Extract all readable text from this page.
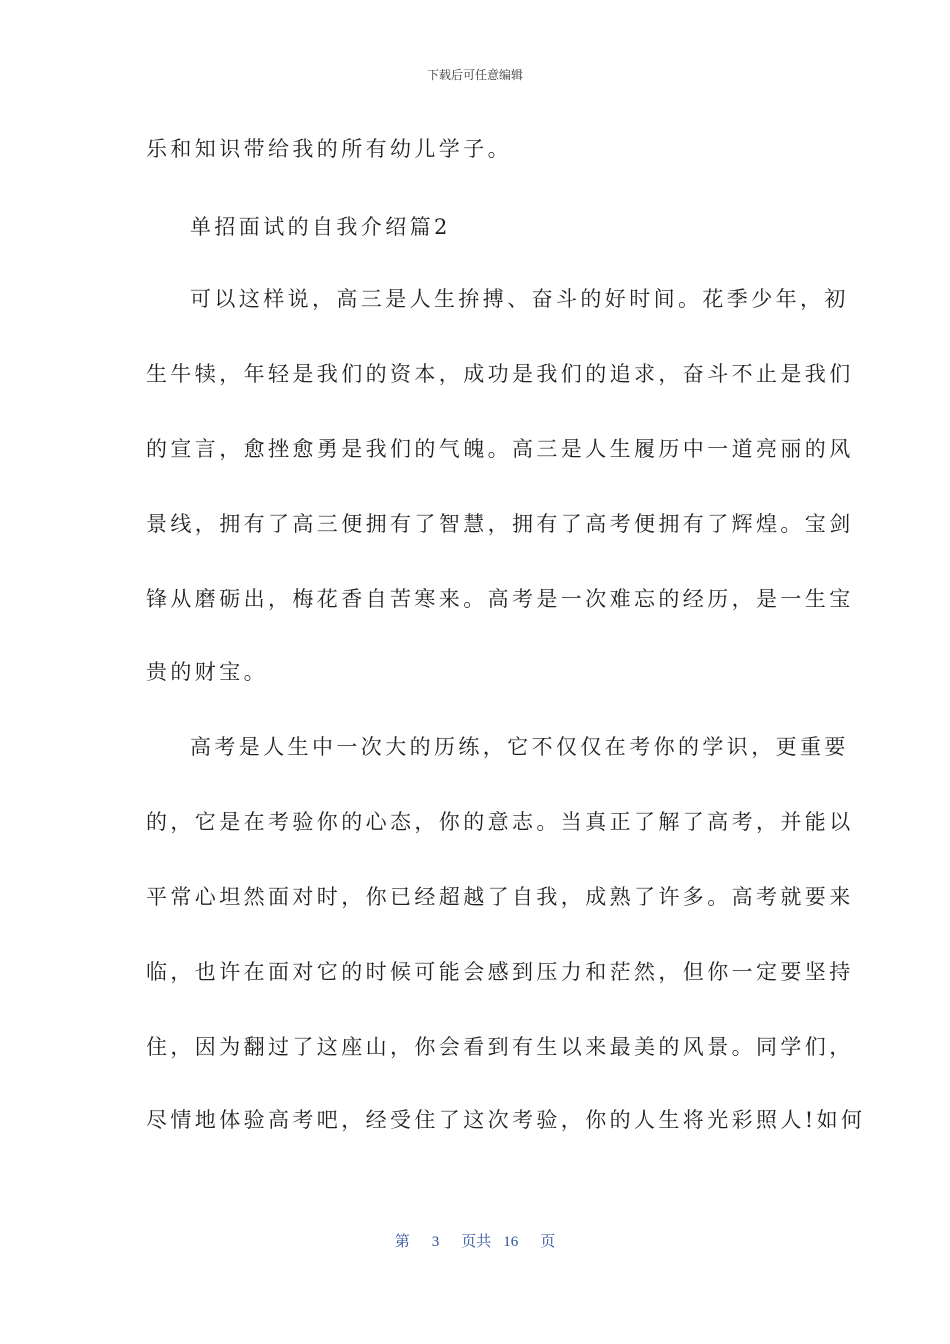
下载后可任意编辑
乐和知识带给我的所有幼儿学子。
单招面试的自我介绍篇2
可以这样说，高三是人生拚搏、奋斗的好时间。花季少年，初
生牛犊，年轻是我们的资本，成功是我们的追求，奋斗不止是我们
的宣言，愈挫愈勇是我们的气魄。高三是人生履历中一道亮丽的风
景线，拥有了高三便拥有了智慧，拥有了高考便拥有了辉煌。宝剑
锋从磨砺出，梅花香自苦寒来。高考是一次难忘的经历，是一生宝
贵的财宝。
高考是人生中一次大的历练，它不仅仅在考你的学识，更重要
的，它是在考验你的心态，你的意志。当真正了解了高考，并能以
平常心坦然面对时，你已经超越了自我，成熟了许多。高考就要来
临，也许在面对它的时候可能会感到压力和茫然，但你一定要坚持
住，因为翻过了这座山，你会看到有生以来最美的风景。同学们，
尽情地体验高考吧，经受住了这次考验，你的人生将光彩照人!如何
第 3 页共 16 页
